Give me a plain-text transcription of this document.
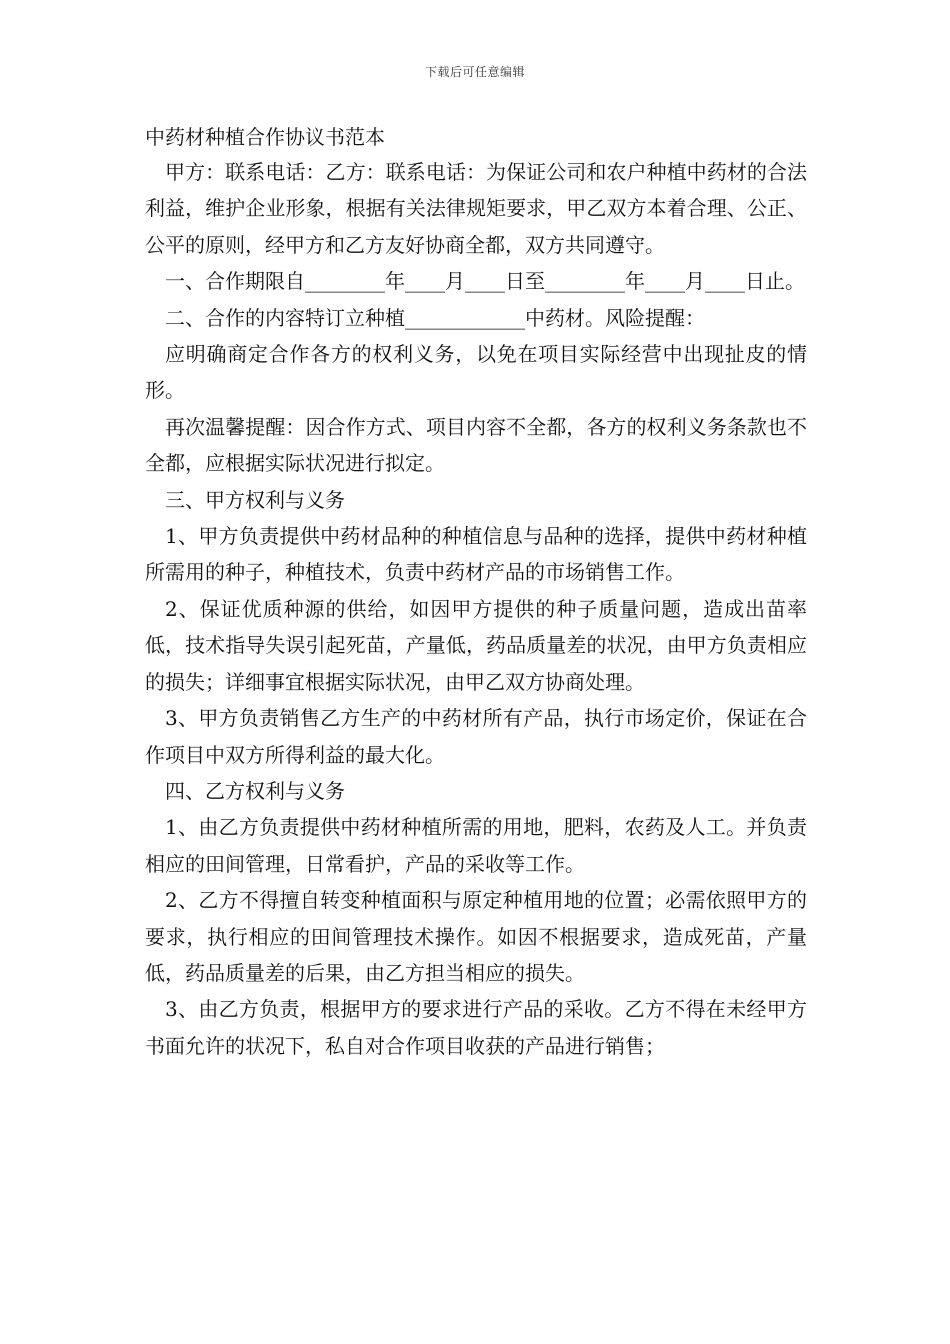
下载后可任意编辑

中药材种植合作协议书范本

甲方：联系电话：乙方：联系电话：为保证公司和农户种植中药材的合法利益，维护企业形象，根据有关法律规矩要求，甲乙双方本着合理、公正、公平的原则，经甲方和乙方友好协商全都，双方共同遵守。

一、合作期限自________年____月____日至________年____月____日止。

二、合作的内容特订立种植____________中药材。风险提醒：

应明确商定合作各方的权利义务，以免在项目实际经营中出现扯皮的情形。

再次温馨提醒：因合作方式、项目内容不全都，各方的权利义务条款也不全都，应根据实际状况进行拟定。

三、甲方权利与义务

1、甲方负责提供中药材品种的种植信息与品种的选择，提供中药材种植所需用的种子，种植技术，负责中药材产品的市场销售工作。

2、保证优质种源的供给，如因甲方提供的种子质量问题，造成出苗率低，技术指导失误引起死苗，产量低，药品质量差的状况，由甲方负责相应的损失；详细事宜根据实际状况，由甲乙双方协商处理。

3、甲方负责销售乙方生产的中药材所有产品，执行市场定价，保证在合作项目中双方所得利益的最大化。

四、乙方权利与义务

1、由乙方负责提供中药材种植所需的用地，肥料，农药及人工。并负责相应的田间管理，日常看护，产品的采收等工作。

2、乙方不得擅自转变种植面积与原定种植用地的位置；必需依照甲方的要求，执行相应的田间管理技术操作。如因不根据要求，造成死苗，产量低，药品质量差的后果，由乙方担当相应的损失。

3、由乙方负责，根据甲方的要求进行产品的采收。乙方不得在未经甲方书面允许的状况下，私自对合作项目收获的产品进行销售；
